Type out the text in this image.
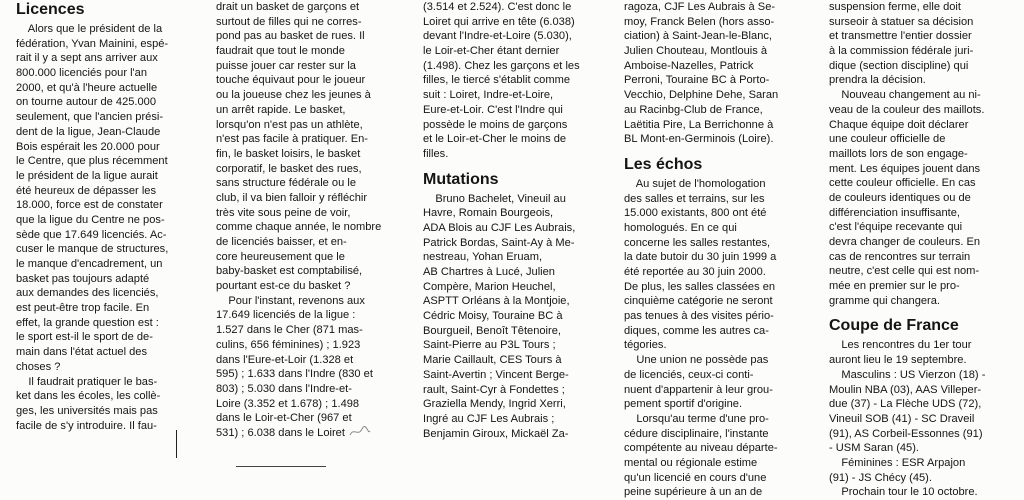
Licences
Alors que le président de la
fédération, Yvan Mainini, espé-
rait il y a sept ans arriver aux
800.000 licenciés pour l'an
2000, et qu'à l'heure actuelle
on tourne autour de 425.000
seulement, que l'ancien prési-
dent de la ligue, Jean-Claude
Bois espérait les 20.000 pour
le Centre, que plus récemment
le président de la ligue aurait
été heureux de dépasser les
18.000, force est de constater
que la ligue du Centre ne pos-
sède que 17.649 licenciés. Ac-
cuser le manque de structures,
le manque d'encadrement, un
basket pas toujours adapté
aux demandes des licenciés,
est peut-être trop facile. En
effet, la grande question est :
le sport est-il le sport de de-
main dans l'état actuel des
choses ?
Il faudrait pratiquer le bas-
ket dans les écoles, les collè-
ges, les universités mais pas
facile de s'y introduire. Il fau-
drait un basket de garçons et
surtout de filles qui ne corres-
pond pas au basket de rues. Il
faudrait que tout le monde
puisse jouer car rester sur la
touche équivaut pour le joueur
ou la joueuse chez les jeunes à
un arrêt rapide. Le basket,
lorsqu'on n'est pas un athlète,
n'est pas facile à pratiquer. En-
fin, le basket loisirs, le basket
corporatif, le basket des rues,
sans structure fédérale ou le
club, il va bien falloir y réfléchir
très vite sous peine de voir,
comme chaque année, le nombre
de licenciés baisser, et en-
core heureusement que le
baby-basket est comptabilisé,
pourtant est-ce du basket ?
Pour l'instant, revenons aux
17.649 licenciés de la ligue :
1.527 dans le Cher (871 mas-
culins, 656 féminines) ; 1.923
dans l'Eure-et-Loir (1.328 et
595) ; 1.633 dans l'Indre (830 et
803) ; 5.030 dans l'Indre-et-
Loire (3.352 et 1.678) ; 1.498
dans le Loir-et-Cher (967 et
531) ; 6.038 dans le Loiret
(3.514 et 2.524). C'est donc le
Loiret qui arrive en tête (6.038)
devant l'Indre-et-Loire (5.030),
le Loir-et-Cher étant dernier
(1.498). Chez les garçons et les
filles, le tiercé s'établit comme
suit : Loiret, Indre-et-Loire,
Eure-et-Loir. C'est l'Indre qui
possède le moins de garçons
et le Loir-et-Cher le moins de
filles.
Mutations
Bruno Bachelet, Vineuil au
Havre, Romain Bourgeois,
ADA Blois au CJF Les Aubrais,
Patrick Bordas, Saint-Ay à Me-
nestreau, Yohan Eruam,
AB Chartres à Lucé, Julien
Compère, Marion Heuchel,
ASPTT Orléans à la Montjoie,
Cédric Moisy, Touraine BC à
Bourgueil, Benoît Têtenoire,
Saint-Pierre au P3L Tours ;
Marie Caillault, CES Tours à
Saint-Avertin ; Vincent Berge-
rault, Saint-Cyr à Fondettes ;
Graziella Mendy, Ingrid Xerri,
Ingré au CJF Les Aubrais ;
Benjamin Giroux, Mickaël Za-
ragoza, CJF Les Aubrais à Se-
moy, Franck Belen (hors asso-
ciation) à Saint-Jean-le-Blanc,
Julien Chouteau, Montlouis à
Amboise-Nazelles, Patrick
Perroni, Touraine BC à Porto-
Vecchio, Delphine Dehe, Saran
au Racinbg-Club de France,
Laëtitia Pire, La Berrichonne à
BL Mont-en-Germinois (Loire).
Les échos
Au sujet de l'homologation
des salles et terrains, sur les
15.000 existants, 800 ont été
homologués. En ce qui
concerne les salles restantes,
la date butoir du 30 juin 1999 a
été reportée au 30 juin 2000.
De plus, les salles classées en
cinquième catégorie ne seront
pas tenues à des visites pério-
diques, comme les autres ca-
tégories.
Une union ne possède pas
de licenciés, ceux-ci conti-
nuent d'appartenir à leur grou-
pement sportif d'origine.
Lorsqu'au terme d'une pro-
cédure disciplinaire, l'instante
compétente au niveau départe-
mental ou régionale estime
qu'un licencié en cours d'une
peine supérieure à un an de
suspension ferme, elle doit
surseoir à statuer sa décision
et transmettre l'entier dossier
à la commission fédérale juri-
dique (section discipline) qui
prendra la décision.
Nouveau changement au ni-
veau de la couleur des maillots.
Chaque équipe doit déclarer
une couleur officielle de
maillots lors de son engage-
ment. Les équipes jouent dans
cette couleur officielle. En cas
de couleurs identiques ou de
différenciation insuffisante,
c'est l'équipe recevante qui
devra changer de couleurs. En
cas de rencontres sur terrain
neutre, c'est celle qui est nom-
mée en premier sur le pro-
gramme qui changera.
Coupe de France
Les rencontres du 1er tour
auront lieu le 19 septembre.
Masculins : US Vierzon (18) -
Moulin NBA (03), AAS Villeper-
due (37) - La Flèche UDS (72),
Vineuil SOB (41) - SC Draveil
(91), AS Corbeil-Essonnes (91)
- USM Saran (45).
Féminines : ESR Arpajon
(91) - JS Chécy (45).
Prochain tour le 10 octobre.
